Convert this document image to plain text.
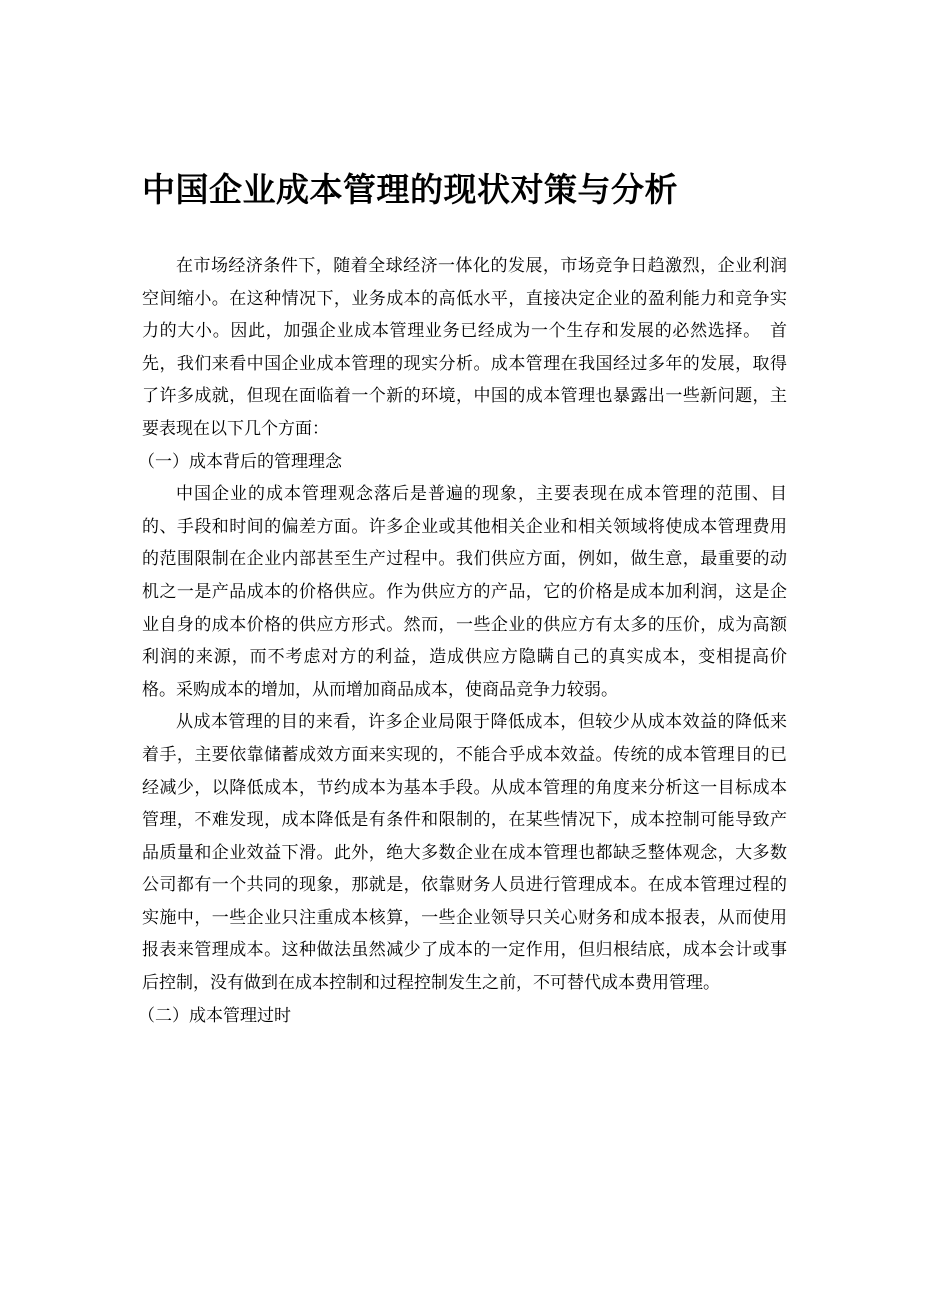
中国企业成本管理的现状对策与分析

在市场经济条件下，随着全球经济一体化的发展，市场竞争日趋激烈，企业利润空间缩小。在这种情况下，业务成本的高低水平，直接决定企业的盈利能力和竞争实力的大小。因此，加强企业成本管理业务已经成为一个生存和发展的必然选择。　首先，我们来看中国企业成本管理的现实分析。成本管理在我国经过多年的发展，取得了许多成就，但现在面临着一个新的环境，中国的成本管理也暴露出一些新问题，主要表现在以下几个方面：

（一）成本背后的管理理念

中国企业的成本管理观念落后是普遍的现象，主要表现在成本管理的范围、目的、手段和时间的偏差方面。许多企业或其他相关企业和相关领域将使成本管理费用的范围限制在企业内部甚至生产过程中。我们供应方面，例如，做生意，最重要的动机之一是产品成本的价格供应。作为供应方的产品，它的价格是成本加利润，这是企业自身的成本价格的供应方形式。然而，一些企业的供应方有太多的压价，成为高额利润的来源，而不考虑对方的利益，造成供应方隐瞒自己的真实成本，变相提高价格。采购成本的增加，从而增加商品成本，使商品竞争力较弱。

从成本管理的目的来看，许多企业局限于降低成本，但较少从成本效益的降低来着手，主要依靠储蓄成效方面来实现的，不能合乎成本效益。传统的成本管理目的已经减少，以降低成本，节约成本为基本手段。从成本管理的角度来分析这一目标成本管理，不难发现，成本降低是有条件和限制的，在某些情况下，成本控制可能导致产品质量和企业效益下滑。此外，绝大多数企业在成本管理也都缺乏整体观念，大多数公司都有一个共同的现象，那就是，依靠财务人员进行管理成本。在成本管理过程的实施中，一些企业只注重成本核算，一些企业领导只关心财务和成本报表，从而使用报表来管理成本。这种做法虽然减少了成本的一定作用，但归根结底，成本会计或事后控制，没有做到在成本控制和过程控制发生之前，不可替代成本费用管理。

（二）成本管理过时
